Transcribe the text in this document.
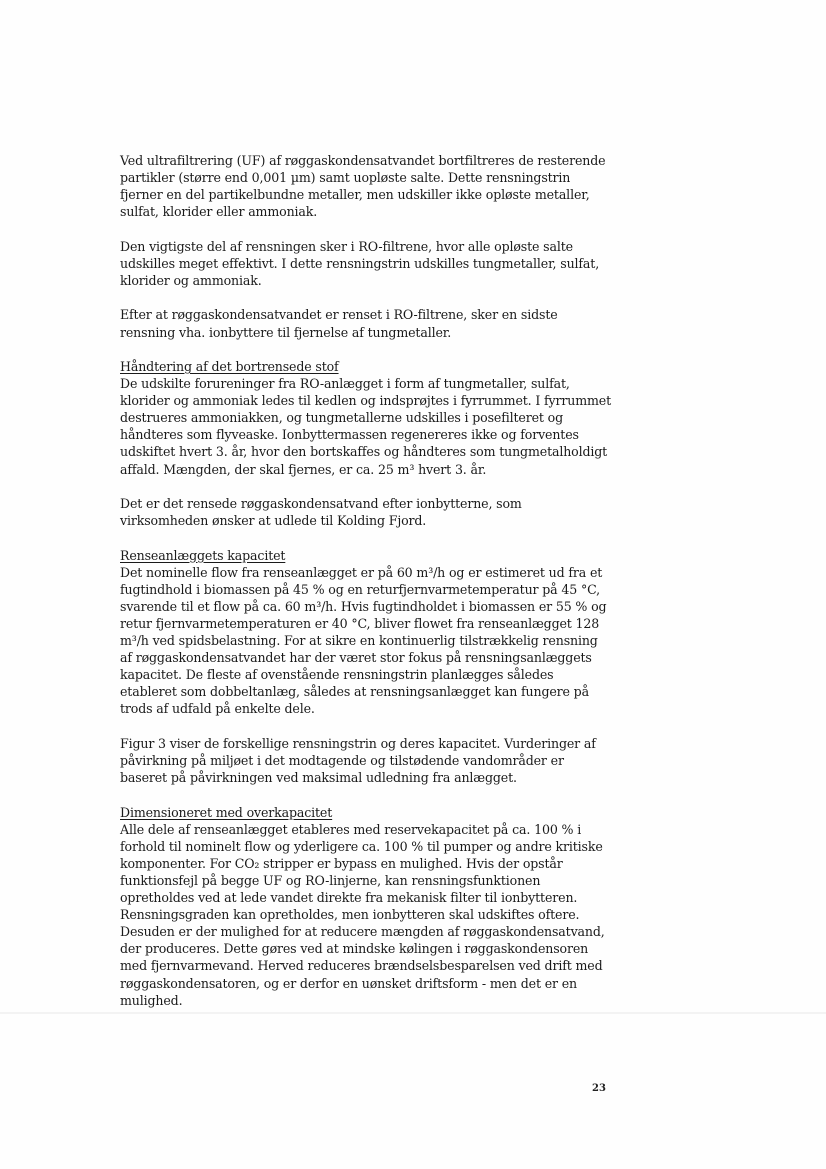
Ved ultrafiltrering (UF) af røggaskondensatvandet bortfiltreres de resterende partikler (større end 0,001 µm) samt uopløste salte. Dette rensningstrin fjerner en del partikelbundne metaller, men udskiller ikke opløste metaller, sulfat, klorider eller ammoniak.

Den vigtigste del af rensningen sker i RO-filtrene, hvor alle opløste salte udskilles meget effektivt. I dette rensningstrin udskilles tungmetaller, sulfat, klorider og ammoniak.

Efter at røggaskondensatvandet er renset i RO-filtrene, sker en sidste rensning vha. ionbyttere til fjernelse af tungmetaller.

Håndtering af det bortrensede stof
De udskilte forureninger fra RO-anlægget i form af tungmetaller, sulfat, klorider og ammoniak ledes til kedlen og indsprøjtes i fyrrummet. I fyrrummet destrueres ammoniakken, og tungmetallerne udskilles i posefilteret og håndteres som flyveaske. Ionbyttermassen regenereres ikke og forventes udskiftet hvert 3. år, hvor den bortskaffes og håndteres som tungmetalholdigt affald. Mængden, der skal fjernes, er ca. 25 m³ hvert 3. år.

Det er det rensede røggaskondensatvand efter ionbytterne, som virksomheden ønsker at udlede til Kolding Fjord.

Renseanlæggets kapacitet
Det nominelle flow fra renseanlægget er på 60 m³/h og er estimeret ud fra et fugtindhold i biomassen på 45 % og en returfjernvarmetemperatur på 45 °C, svarende til et flow på ca. 60 m³/h. Hvis fugtindholdet i biomassen er 55 % og retur fjernvarmetemperaturen er 40 °C, bliver flowet fra renseanlægget 128 m³/h ved spidsbelastning. For at sikre en kontinuerlig tilstrækkelig rensning af røggaskondensatvandet har der været stor fokus på rensningsanlæggets kapacitet. De fleste af ovenstående rensningstrin planlægges således etableret som dobbeltanlæg, således at rensningsanlægget kan fungere på trods af udfald på enkelte dele.

Figur 3 viser de forskellige rensningstrin og deres kapacitet. Vurderinger af påvirkning på miljøet i det modtagende og tilstødende vandområder er baseret på påvirkningen ved maksimal udledning fra anlægget.

Dimensioneret med overkapacitet
Alle dele af renseanlægget etableres med reservekapacitet på ca. 100 % i forhold til nominelt flow og yderligere ca. 100 % til pumper og andre kritiske komponenter. For CO₂ stripper er bypass en mulighed. Hvis der opstår funktionsfejl på begge UF og RO-linjerne, kan rensningsfunktionen opretholdes ved at lede vandet direkte fra mekanisk filter til ionbytteren. Rensningsgraden kan opretholdes, men ionbytteren skal udskiftes oftere. Desuden er der mulighed for at reducere mængden af røggaskondensatvand, der produceres. Dette gøres ved at mindske kølingen i røggaskondensoren med fjernvarmevand. Herved reduceres brændselsbesparelsen ved drift med røggaskondensatoren, og er derfor en uønsket driftsform - men det er en mulighed.
23
